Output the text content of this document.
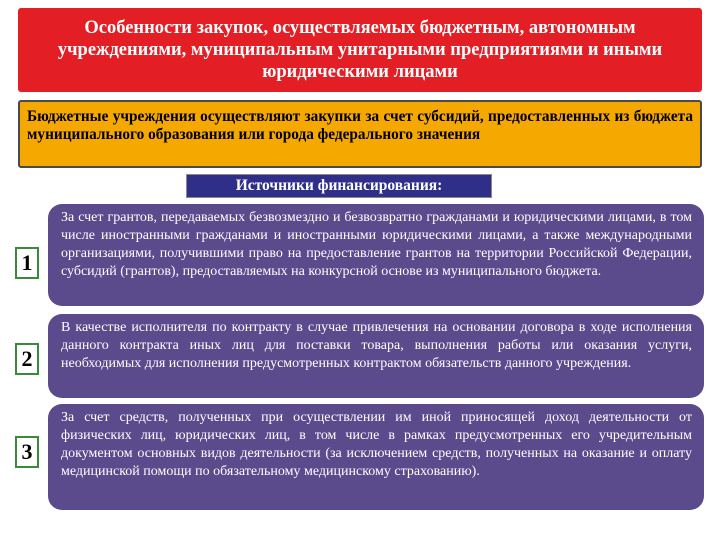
Особенности закупок, осуществляемых бюджетным, автономным учреждениями, муниципальным унитарными предприятиями и иными юридическими лицами
Бюджетные учреждения осуществляют закупки за счет субсидий, предоставленных из бюджета муниципального образования или города федерального значения
Источники финансирования:
1
За счет грантов, передаваемых безвозмездно и безвозвратно гражданами и юридическими лицами, в том числе иностранными гражданами и иностранными юридическими лицами, а также международными организациями, получившими право на предоставление грантов на территории Российской Федерации, субсидий (грантов), предоставляемых на конкурсной основе из муниципального бюджета.
2
В качестве исполнителя по контракту в случае привлечения на основании договора в ходе исполнения данного контракта иных лиц для поставки товара, выполнения работы или оказания услуги, необходимых для исполнения предусмотренных контрактом обязательств данного учреждения.
3
За счет средств, полученных при осуществлении им иной приносящей доход деятельности от физических лиц, юридических лиц, в том числе в рамках предусмотренных его учредительным документом основных видов деятельности (за исключением средств, полученных на оказание и оплату медицинской помощи по обязательному медицинскому страхованию).
